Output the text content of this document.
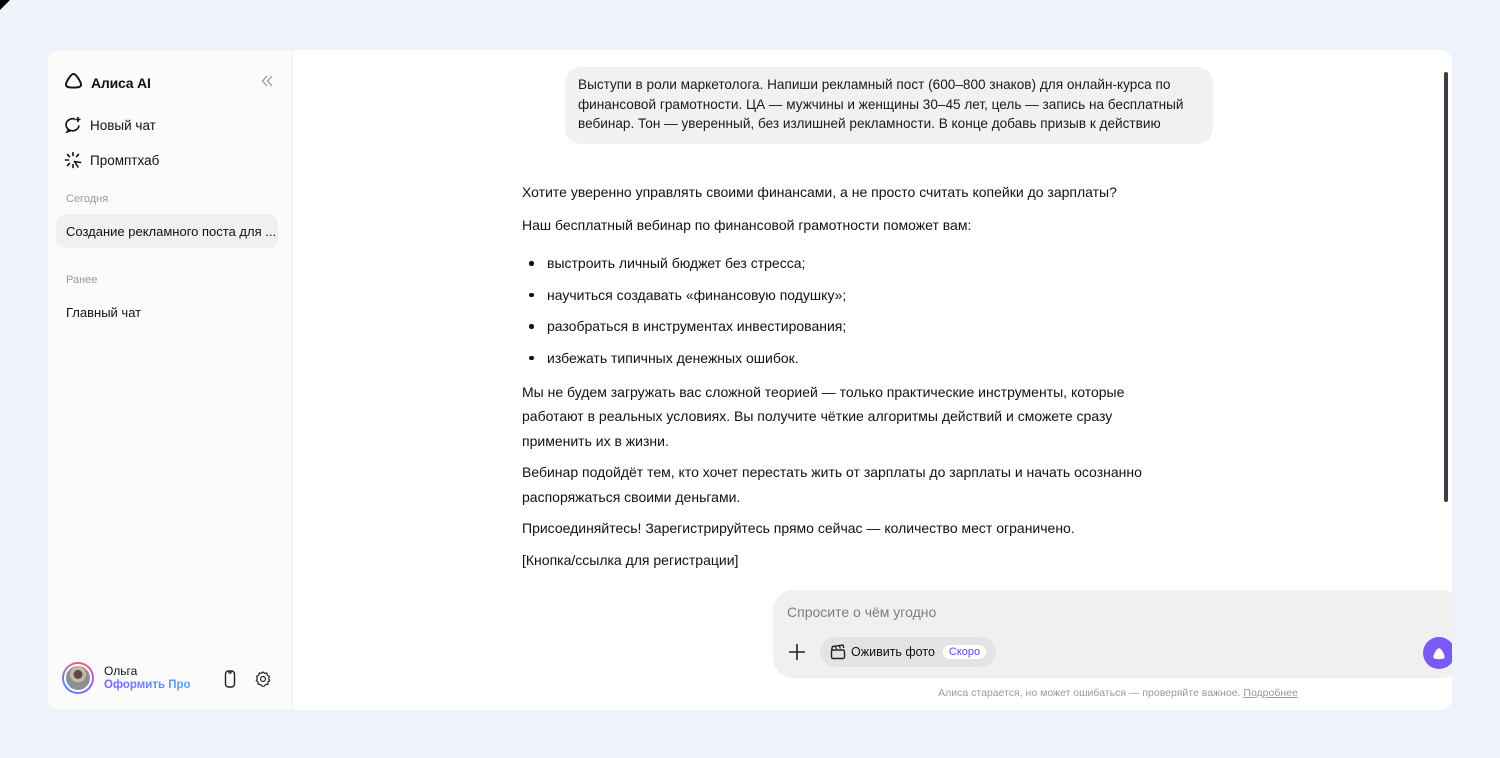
Алиса AI
Новый чат
Промптхаб
Сегодня
Создание рекламного поста для ...
Ранее
Главный чат
Ольга
Оформить Про
Выступи в роли маркетолога. Напиши рекламный пост (600–800 знаков) для онлайн-курса по финансовой грамотности. ЦА — мужчины и женщины 30–45 лет, цель — запись на бесплатный вебинар. Тон — уверенный, без излишней рекламности. В конце добавь призыв к действию

Хотите уверенно управлять своими финансами, а не просто считать копейки до зарплаты?

Наш бесплатный вебинар по финансовой грамотности поможет вам:

выстроить личный бюджет без стресса;
научиться создавать «финансовую подушку»;
разобраться в инструментах инвестирования;
избежать типичных денежных ошибок.

Мы не будем загружать вас сложной теорией — только практические инструменты, которые работают в реальных условиях. Вы получите чёткие алгоритмы действий и сможете сразу применить их в жизни.

Вебинар подойдёт тем, кто хочет перестать жить от зарплаты до зарплаты и начать осознанно распоряжаться своими деньгами.

Присоединяйтесь! Зарегистрируйтесь прямо сейчас — количество мест ограничено.

[Кнопка/ссылка для регистрации]

Спросите о чём угодно
Оживить фото	Скоро
Алиса старается, но может ошибаться — проверяйте важное. Подробнее
